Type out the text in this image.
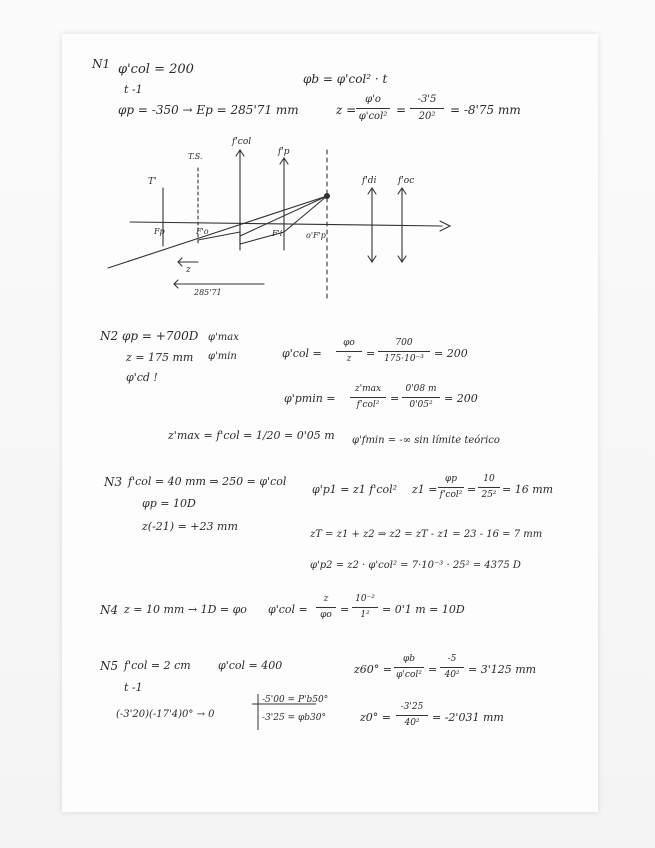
N1 φ'col = 200
t -1
φp = -350 → Ep = 285'71 mm
φb = φ'col² · t
z =
φ'o
φ'col² =
-3'5
20²	= -8'75 mm
T'
T.S.
f'col
f'p
f'di f'oc
Fp	F'o	F'i	o'F'p
z
285'71
N2 φp = +700D
z = 175 mm
φ'cd !
φ'max
φ'min	φ'col =
φo
z	=
700
175·10⁻³ = 200
φ'pmin =
z'max
f'col² =
0'08 m
0'05²	= 200
z'max = f'col = 1/20 = 0'05 m φ'fmin = -∞ sin límite teórico
N3 f'col = 40 mm ⇒ 250 = φ'col
φp = 10D
z(-21) = +23 mm
φ'p1 = z1 f'col² z1 =
φp
f'col² =
10
25² = 16 mm
zT = z1 + z2 ⇒ z2 = zT - z1 = 23 - 16 = 7 mm
φ'p2 = z2 · φ'col² = 7·10⁻³ · 25² = 4375 D
N4 z = 10 mm → 1D = φo φ'col =
z
φo =
10⁻²
1²	= 0'1 m = 10D
N5 f'col = 2 cm φ'col = 400
t -1
(-3'20)(-17'4)0° → 0
-5'00 = P'b50°
-3'25 = φb30°
z60° =
φb
φ'col² =
-5
40² = 3'125 mm
z0° =
-3'25
40²	= -2'031 mm
